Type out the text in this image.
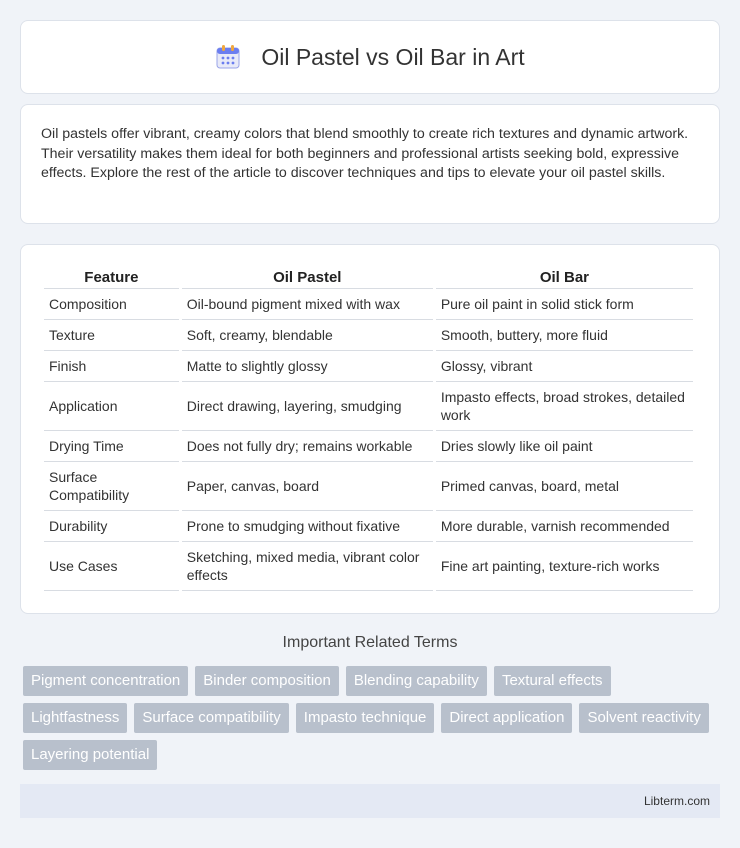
Oil Pastel vs Oil Bar in Art

Oil pastels offer vibrant, creamy colors that blend smoothly to create rich textures and dynamic artwork. Their versatility makes them ideal for both beginners and professional artists seeking bold, expressive effects. Explore the rest of the article to discover techniques and tips to elevate your oil pastel skills.

Feature	Oil Pastel	Oil Bar
Composition	Oil-bound pigment mixed with wax	Pure oil paint in solid stick form
Texture	Soft, creamy, blendable	Smooth, buttery, more fluid
Finish	Matte to slightly glossy	Glossy, vibrant
Application	Direct drawing, layering, smudging	Impasto effects, broad strokes, detailed work
Drying Time	Does not fully dry; remains workable	Dries slowly like oil paint
Surface Compatibility	Paper, canvas, board	Primed canvas, board, metal
Durability	Prone to smudging without fixative	More durable, varnish recommended
Use Cases	Sketching, mixed media, vibrant color effects	Fine art painting, texture-rich works
Important Related Terms
Pigment concentration	Binder composition	Blending capability	Textural effects
Lightfastness	Surface compatibility	Impasto technique	Direct application	Solvent reactivity
Layering potential
Libterm.com
